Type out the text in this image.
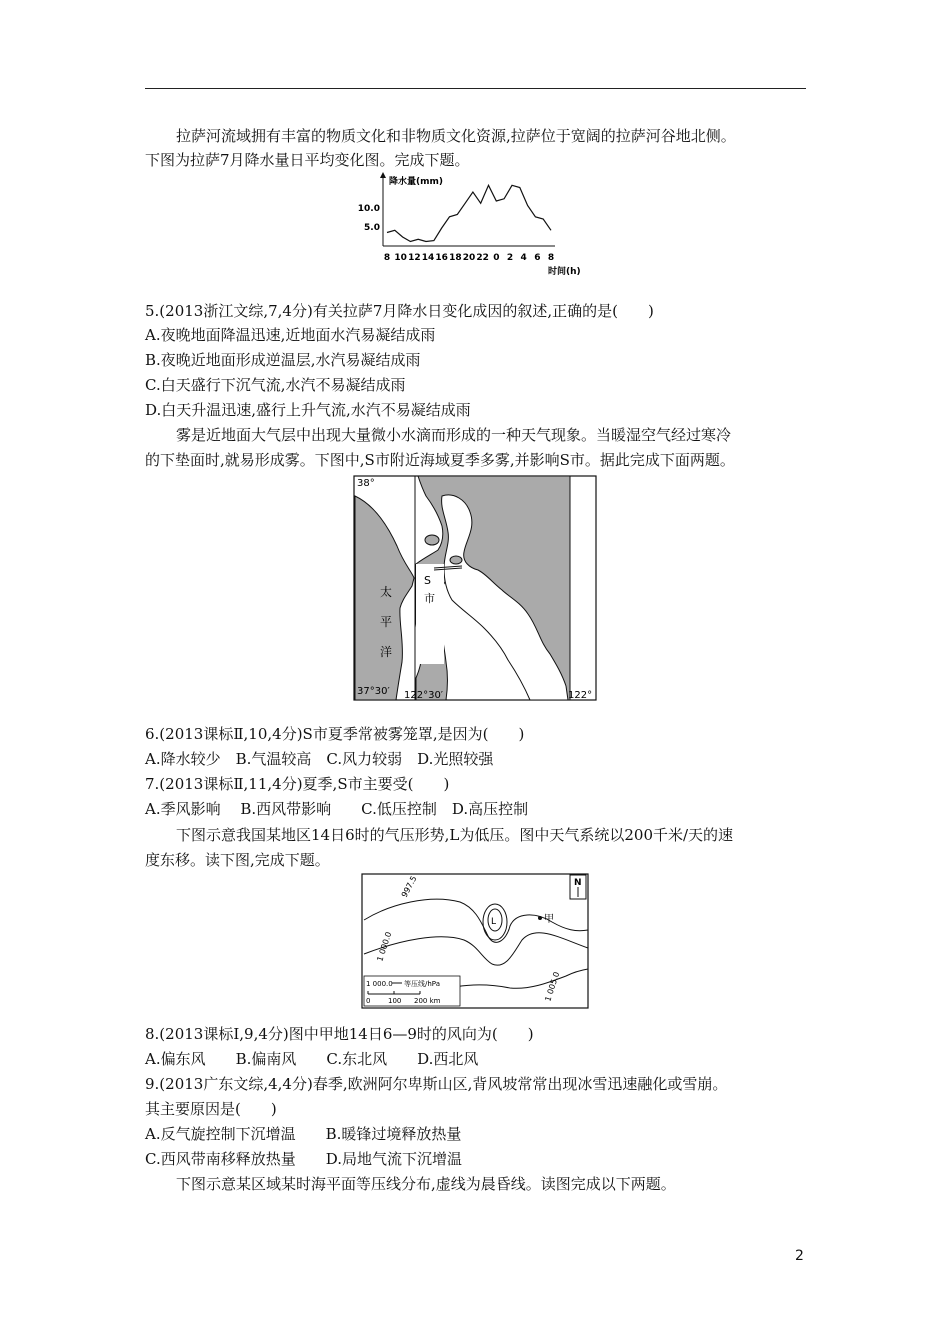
拉萨河流域拥有丰富的物质文化和非物质文化资源,拉萨位于宽阔的拉萨河谷地北侧。
下图为拉萨7月降水量日平均变化图。完成下题。
降水量(mm)
时间(h)
10.0
5.0
8 10 12 14 16 18 20 22 0 2 4 6 8
5.(2013浙江文综,7,4分)有关拉萨7月降水日变化成因的叙述,正确的是(　　)
A.夜晚地面降温迅速,近地面水汽易凝结成雨
B.夜晚近地面形成逆温层,水汽易凝结成雨
C.白天盛行下沉气流,水汽不易凝结成雨
D.白天升温迅速,盛行上升气流,水汽不易凝结成雨
雾是近地面大气层中出现大量微小水滴而形成的一种天气现象。当暖湿空气经过寒冷
的下垫面时,就易形成雾。下图中,S市附近海域夏季多雾,并影响S市。据此完成下面两题。
38°
37°30′ 122°30′	122°
太
平
洋
S
市
6.(2013课标Ⅱ,10,4分)S市夏季常被雾笼罩,是因为(　　)
A.降水较少　B.气温较高　C.风力较弱　D.光照较强
7.(2013课标Ⅱ,11,4分)夏季,S市主要受(　　)
A.季风影响　 B.西风带影响　　C.低压控制　D.高压控制
下图示意我国某地区14日6时的气压形势,L为低压。图中天气系统以200千米/天的速
度东移。读下图,完成下题。
N
L	甲
997.5
1 000.0
1 005.0
1 000.0 等压线/hPa
0	100 200 km
8.(2013课标Ⅰ,9,4分)图中甲地14日6—9时的风向为(　　)
A.偏东风　　B.偏南风　　C.东北风　　D.西北风
9.(2013广东文综,4,4分)春季,欧洲阿尔卑斯山区,背风坡常常出现冰雪迅速融化或雪崩。
其主要原因是(　　)
A.反气旋控制下沉增温　　B.暖锋过境释放热量
C.西风带南移释放热量　　D.局地气流下沉增温
下图示意某区域某时海平面等压线分布,虚线为晨昏线。读图完成以下两题。
2
